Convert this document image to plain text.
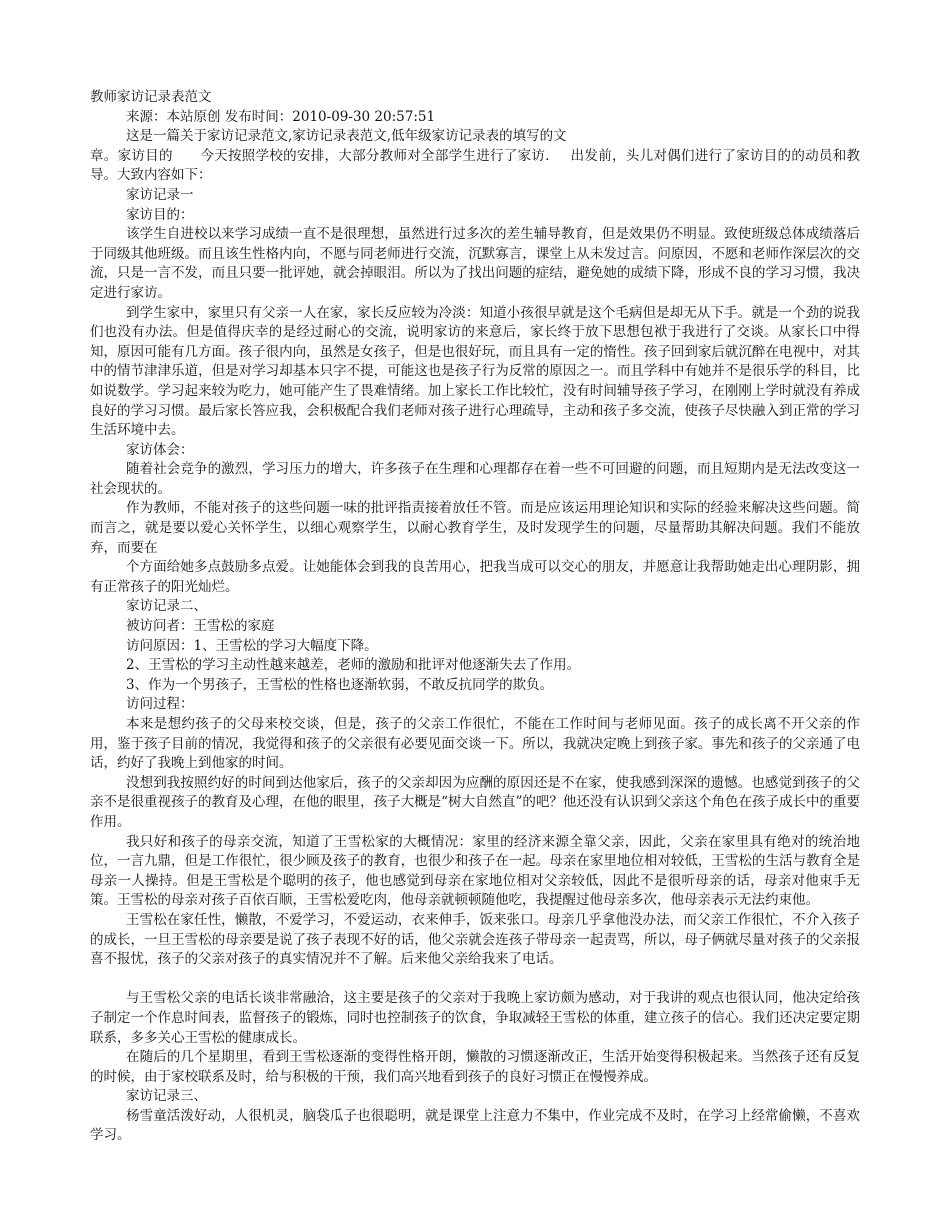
教师家访记录表范文

来源：本站原创 发布时间：2010-09-30 20:57:51

这是一篇关于家访记录范文,家访记录表范文,低年级家访记录表的填写的文

章。家访目的　　今天按照学校的安排，大部分教师对全部学生进行了家访．　 出发前，头儿对偶们进行了家访目的的动员和教导。大致内容如下：

家访记录一

家访目的：

该学生自进校以来学习成绩一直不是很理想，虽然进行过多次的差生辅导教育，但是效果仍不明显。致使班级总体成绩落后于同级其他班级。而且该生性格内向，不愿与同老师进行交流，沉默寡言，课堂上从未发过言。问原因，不愿和老师作深层次的交流，只是一言不发，而且只要一批评她，就会掉眼泪。所以为了找出问题的症结，避免她的成绩下降，形成不良的学习习惯，我决定进行家访。

到学生家中，家里只有父亲一人在家，家长反应较为冷淡：知道小孩很早就是这个毛病但是却无从下手。就是一个劲的说我们也没有办法。但是值得庆幸的是经过耐心的交流，说明家访的来意后，家长终于放下思想包袱于我进行了交谈。从家长口中得知，原因可能有几方面。孩子很内向，虽然是女孩子，但是也很好玩，而且具有一定的惰性。孩子回到家后就沉醉在电视中，对其中的情节津津乐道，但是对学习却基本只字不提，可能这也是孩子行为反常的原因之一。而且学科中有她并不是很乐学的科目，比如说数学。学习起来较为吃力，她可能产生了畏难情绪。加上家长工作比较忙，没有时间辅导孩子学习，在刚刚上学时就没有养成良好的学习习惯。最后家长答应我，会积极配合我们老师对孩子进行心理疏导，主动和孩子多交流，使孩子尽快融入到正常的学习生活环境中去。

家访体会：

随着社会竞争的激烈，学习压力的增大，许多孩子在生理和心理都存在着一些不可回避的问题，而且短期内是无法改变这一社会现状的。

作为教师，不能对孩子的这些问题一味的批评指责接着放任不管。而是应该运用理论知识和实际的经验来解决这些问题。简而言之，就是要以爱心关怀学生，以细心观察学生，以耐心教育学生，及时发现学生的问题，尽量帮助其解决问题。我们不能放弃，而要在

个方面给她多点鼓励多点爱。让她能体会到我的良苦用心，把我当成可以交心的朋友，并愿意让我帮助她走出心理阴影，拥有正常孩子的阳光灿烂。

家访记录二、

被访问者：王雪松的家庭

访问原因：1、王雪松的学习大幅度下降。

2、王雪松的学习主动性越来越差，老师的激励和批评对他逐渐失去了作用。

3、作为一个男孩子，王雪松的性格也逐渐软弱，不敢反抗同学的欺负。

访问过程：

本来是想约孩子的父母来校交谈，但是，孩子的父亲工作很忙，不能在工作时间与老师见面。孩子的成长离不开父亲的作用，鉴于孩子目前的情况，我觉得和孩子的父亲很有必要见面交谈一下。所以，我就决定晚上到孩子家。事先和孩子的父亲通了电话，约好了我晚上到他家的时间。

没想到我按照约好的时间到达他家后，孩子的父亲却因为应酬的原因还是不在家，使我感到深深的遗憾。也感觉到孩子的父亲不是很重视孩子的教育及心理，在他的眼里，孩子大概是“树大自然直”的吧？他还没有认识到父亲这个角色在孩子成长中的重要作用。

我只好和孩子的母亲交流，知道了王雪松家的大概情况：家里的经济来源全靠父亲，因此，父亲在家里具有绝对的统治地位，一言九鼎，但是工作很忙，很少顾及孩子的教育，也很少和孩子在一起。母亲在家里地位相对较低，王雪松的生活与教育全是母亲一人操持。但是王雪松是个聪明的孩子，他也感觉到母亲在家地位相对父亲较低，因此不是很听母亲的话，母亲对他束手无策。王雪松的母亲对孩子百依百顺，王雪松爱吃肉，他母亲就顿顿随他吃，我提醒过他母亲多次，他母亲表示无法约束他。

王雪松在家任性，懒散，不爱学习，不爱运动，衣来伸手，饭来张口。母亲几乎拿他没办法，而父亲工作很忙，不介入孩子的成长，一旦王雪松的母亲要是说了孩子表现不好的话，他父亲就会连孩子带母亲一起责骂，所以，母子俩就尽量对孩子的父亲报喜不报忧，孩子的父亲对孩子的真实情况并不了解。后来他父亲给我来了电话。

与王雪松父亲的电话长谈非常融洽，这主要是孩子的父亲对于我晚上家访颇为感动，对于我讲的观点也很认同，他决定给孩子制定一个作息时间表，监督孩子的锻炼，同时也控制孩子的饮食，争取减轻王雪松的体重，建立孩子的信心。我们还决定要定期联系，多多关心王雪松的健康成长。

在随后的几个星期里，看到王雪松逐渐的变得性格开朗，懒散的习惯逐渐改正，生活开始变得积极起来。当然孩子还有反复的时候，由于家校联系及时，给与积极的干预，我们高兴地看到孩子的良好习惯正在慢慢养成。

家访记录三、

杨雪童活泼好动，人很机灵，脑袋瓜子也很聪明，就是课堂上注意力不集中，作业完成不及时，在学习上经常偷懒，不喜欢学习。
